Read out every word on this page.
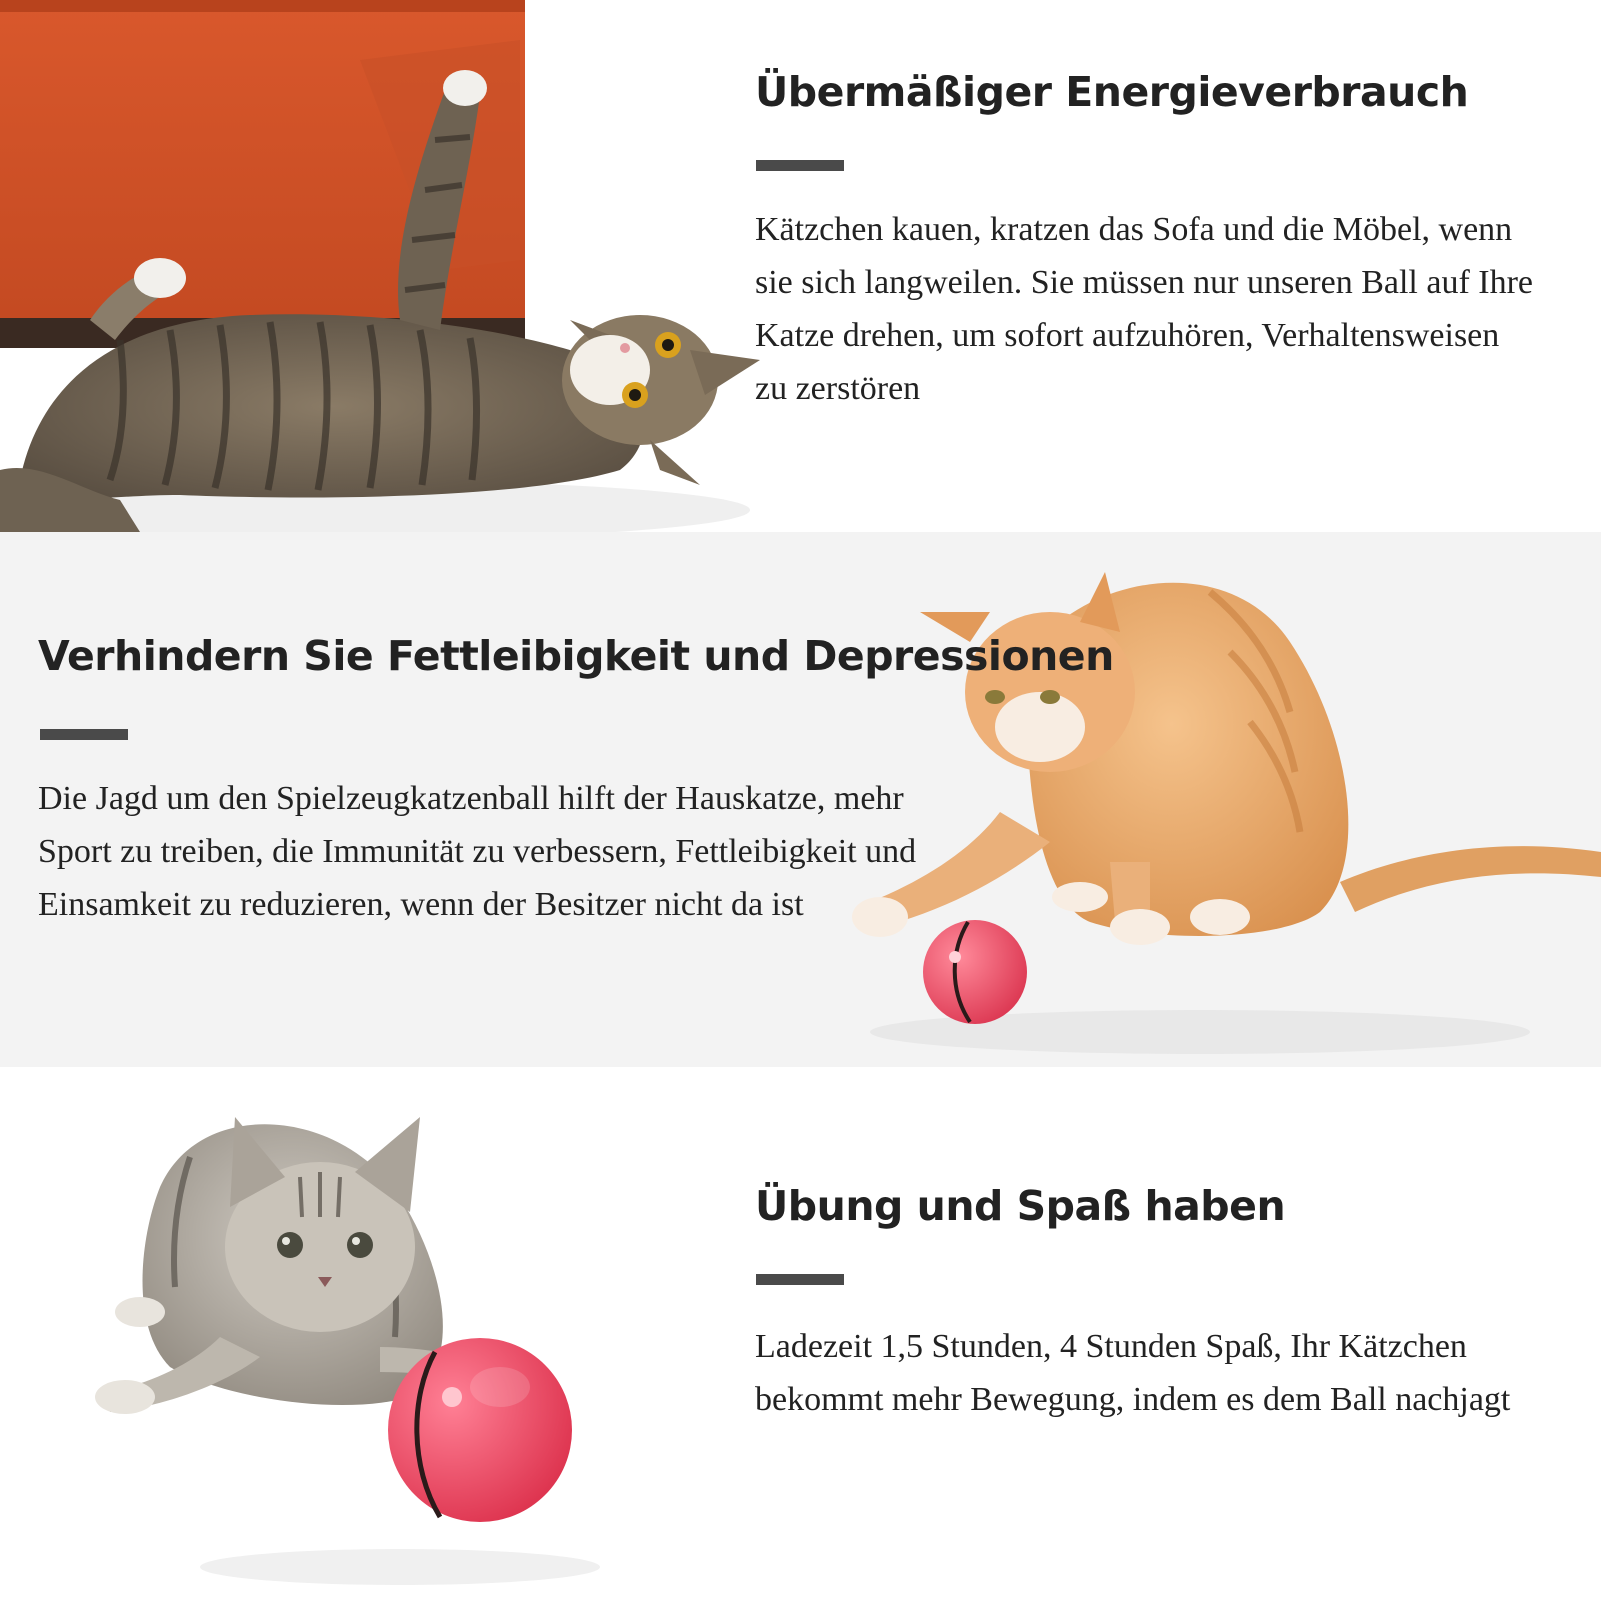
Übermäßiger Energieverbrauch

Kätzchen kauen, kratzen das Sofa und die Möbel, wenn sie sich langweilen. Sie müssen nur unseren Ball auf Ihre Katze drehen, um sofort aufzuhören, Verhaltensweisen zu zerstören

Verhindern Sie Fettleibigkeit und Depressionen

Die Jagd um den Spielzeugkatzenball hilft der Hauskatze, mehr Sport zu treiben, die Immunität zu verbessern, Fettleibigkeit und Einsamkeit zu reduzieren, wenn der Besitzer nicht da ist

Übung und Spaß haben

Ladezeit 1,5 Stunden, 4 Stunden Spaß, Ihr Kätzchen bekommt mehr Bewegung, indem es dem Ball nachjagt
